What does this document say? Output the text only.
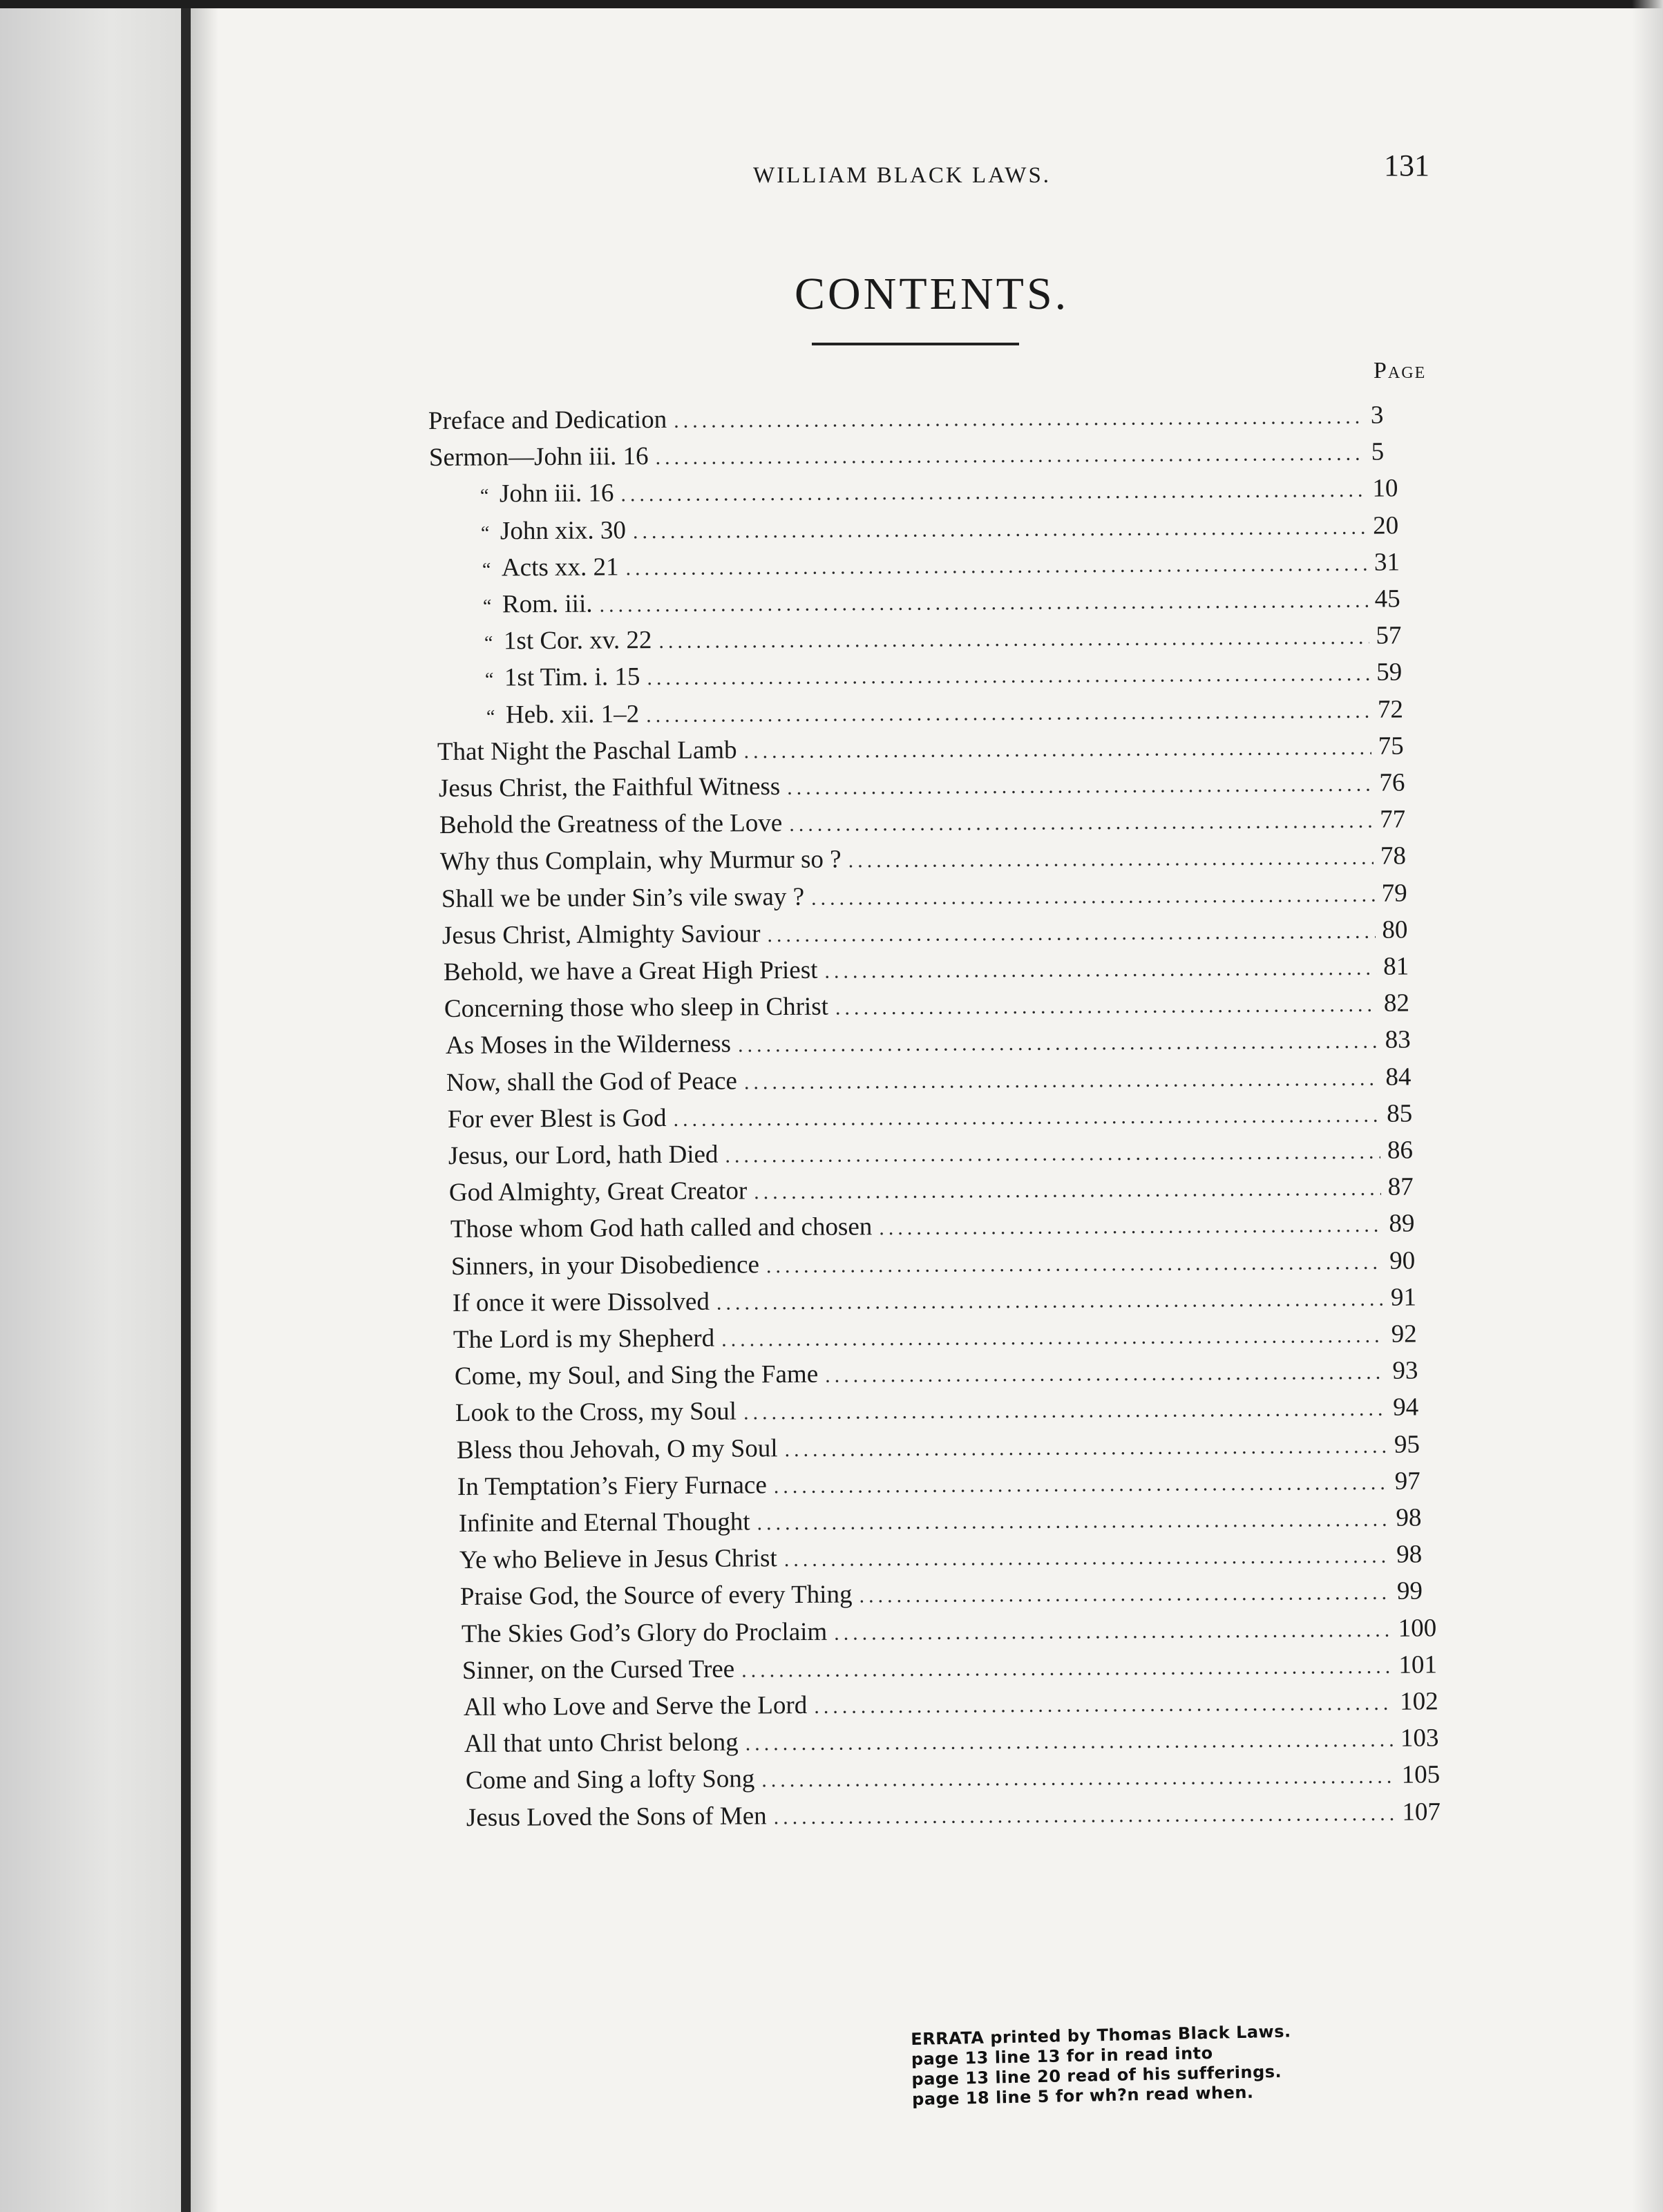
WILLIAM BLACK LAWS.	131
CONTENTS.
Page
Preface and Dedication .....	3
Sermon—John iii. 16 .....	5
“ John iii. 16 .....	10
“ John xix. 30 .....	20
“ Acts xx. 21 .....	31
“ Rom. iii. .....	45
“ 1st Cor. xv. 22 .....	57
“ 1st Tim. i. 15 .....	59
“ Heb. xii. 1–2 .....	72
That Night the Paschal Lamb .....	75
Jesus Christ, the Faithful Witness .....	76
Behold the Greatness of the Love .....	77
Why thus Complain, why Murmur so ? .....	78
Shall we be under Sin’s vile sway ? .....	79
Jesus Christ, Almighty Saviour .....	80
Behold, we have a Great High Priest .....	81
Concerning those who sleep in Christ .....	82
As Moses in the Wilderness .....	83
Now, shall the God of Peace .....	84
For ever Blest is God .....	85
Jesus, our Lord, hath Died .....	86
God Almighty, Great Creator .....	87
Those whom God hath called and chosen .....	89
Sinners, in your Disobedience .....	90
If once it were Dissolved .....	91
The Lord is my Shepherd .....	92
Come, my Soul, and Sing the Fame .....	93
Look to the Cross, my Soul .....	94
Bless thou Jehovah, O my Soul .....	95
In Temptation’s Fiery Furnace .....	97
Infinite and Eternal Thought .....	98
Ye who Believe in Jesus Christ .....	98
Praise God, the Source of every Thing .....	99
The Skies God’s Glory do Proclaim .....	100
Sinner, on the Cursed Tree .....	101
All who Love and Serve the Lord .....	102
All that unto Christ belong .....	103
Come and Sing a lofty Song .....	105
Jesus Loved the Sons of Men .....	107
ERRATA printed by Thomas Black Laws.
page 13 line 13 for in read into
page 13 line 20 read of his sufferings.
page 18 line 5 for wh?n read when.
